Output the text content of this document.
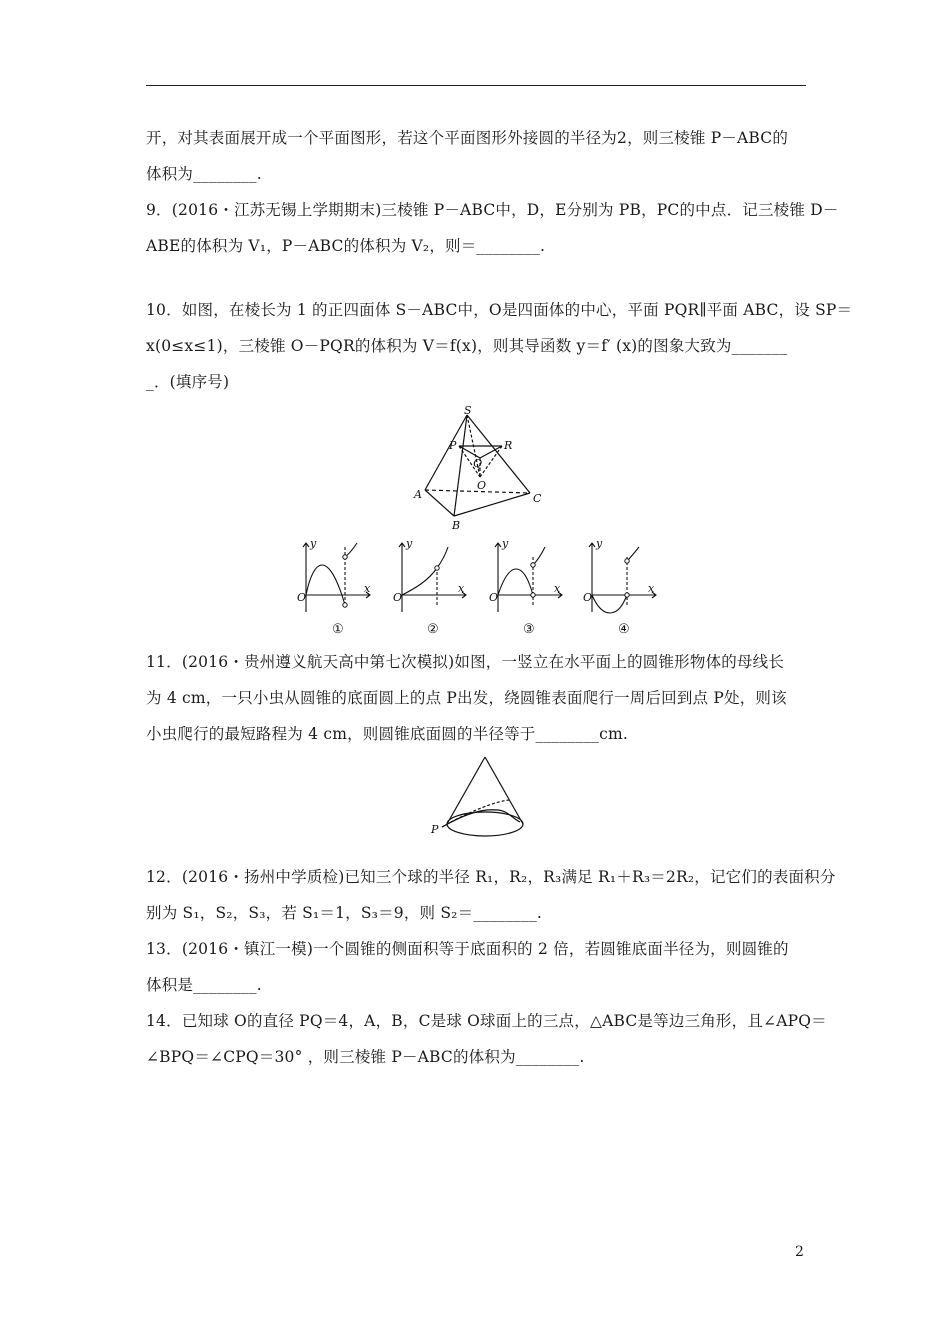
开，对其表面展开成一个平面图形，若这个平面图形外接圆的半径为2，则三棱锥 P－ABC的
体积为________.
9．(2016・江苏无锡上学期期末)三棱锥 P－ABC中，D，E分别为 PB，PC的中点．记三棱锥 D－
ABE的体积为 V₁，P－ABC的体积为 V₂，则＝________.
10．如图，在棱长为 1 的正四面体 S－ABC中，O是四面体的中心，平面 PQR∥平面 ABC，设 SP＝
x(0≤x≤1)，三棱锥 O－PQR的体积为 V＝f(x)，则其导函数 y＝f′ (x)的图象大致为_______
_．(填序号)
S
P	R
Q
O
A
B
C
y
x
O
①
y
x
O
②
y
x
O
③
y
x
O
④
11．(2016・贵州遵义航天高中第七次模拟)如图，一竖立在水平面上的圆锥形物体的母线长
为 4 cm，一只小虫从圆锥的底面圆上的点 P出发，绕圆锥表面爬行一周后回到点 P处，则该
小虫爬行的最短路程为 4 cm，则圆锥底面圆的半径等于________cm.
P
12．(2016・扬州中学质检)已知三个球的半径 R₁，R₂，R₃满足 R₁＋R₃＝2R₂，记它们的表面积分
别为 S₁，S₂，S₃，若 S₁＝1，S₃＝9，则 S₂＝________.
13．(2016・镇江一模)一个圆锥的侧面积等于底面积的 2 倍，若圆锥底面半径为，则圆锥的
体积是________.
14．已知球 O的直径 PQ＝4，A，B，C是球 O球面上的三点，△ABC是等边三角形，且∠APQ＝
∠BPQ＝∠CPQ＝30° ，则三棱锥 P－ABC的体积为________.
2
